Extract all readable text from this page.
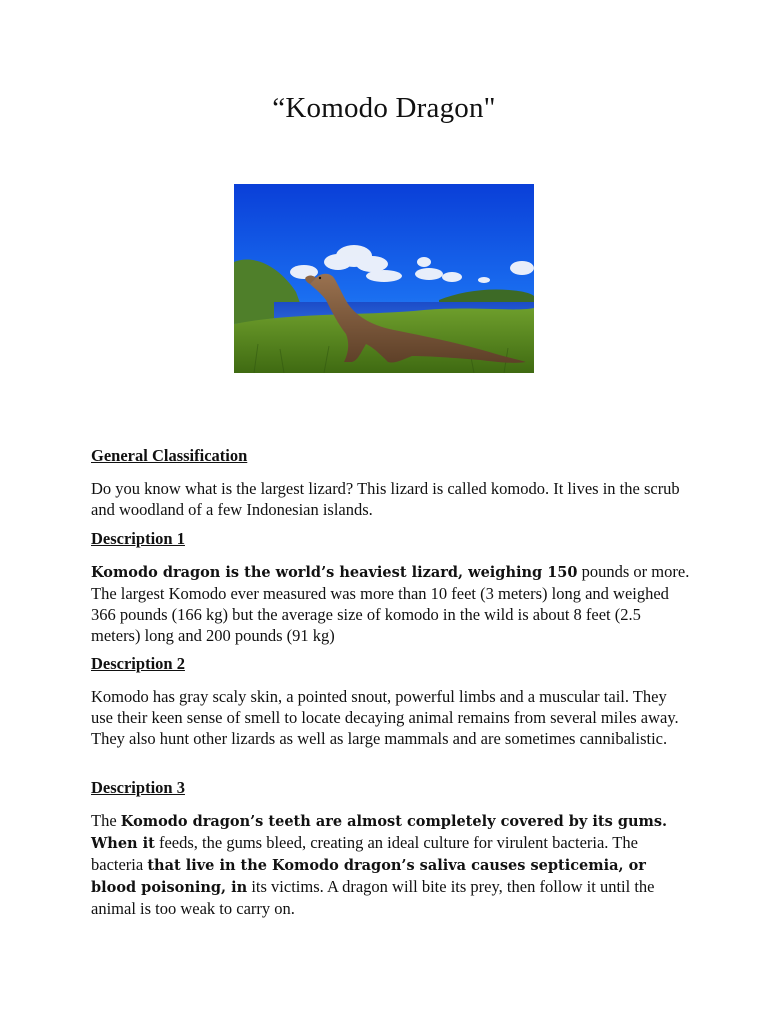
“Komodo Dragon"
General Classification

Do you know what is the largest lizard? This lizard is called komodo. It lives in the scrub and woodland of a few Indonesian islands.

Description 1

Komodo dragon is the world’s heaviest lizard, weighing 150 pounds or more. The largest Komodo ever measured was more than 10 feet (3 meters) long and weighed 366 pounds (166 kg) but the average size of komodo in the wild is about 8 feet (2.5 meters) long and 200 pounds (91 kg)

Description 2

Komodo has gray scaly skin, a pointed snout, powerful limbs and a muscular tail. They use their keen sense of smell to locate decaying animal remains from several miles away. They also hunt other lizards as well as large mammals and are sometimes cannibalistic.

Description 3

The Komodo dragon’s teeth are almost completely covered by its gums. When it feeds, the gums bleed, creating an ideal culture for virulent bacteria. The bacteria that live in the Komodo dragon’s saliva causes septicemia, or blood poisoning, in its victims. A dragon will bite its prey, then follow it until the animal is too weak to carry on.
